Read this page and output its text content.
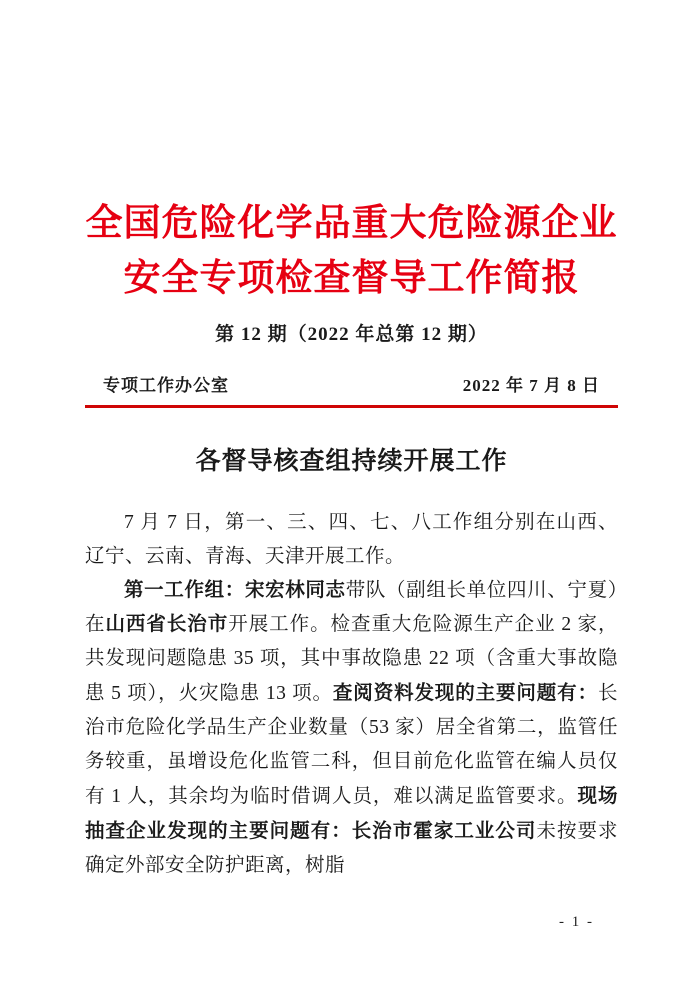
全国危险化学品重大危险源企业
安全专项检查督导工作简报
第 12 期（2022 年总第 12 期）
专项工作办公室	2022 年 7 月 8 日
各督导核查组持续开展工作

7 月 7 日，第一、三、四、七、八工作组分别在山西、辽宁、云南、青海、天津开展工作。

第一工作组：宋宏林同志带队（副组长单位四川、宁夏）在山西省长治市开展工作。检查重大危险源生产企业 2 家，共发现问题隐患 35 项，其中事故隐患 22 项（含重大事故隐患 5 项），火灾隐患 13 项。查阅资料发现的主要问题有：长治市危险化学品生产企业数量（53 家）居全省第二，监管任务较重，虽增设危化监管二科，但目前危化监管在编人员仅有 1 人，其余均为临时借调人员，难以满足监管要求。现场抽查企业发现的主要问题有：长治市霍家工业公司未按要求确定外部安全防护距离，树脂

- 1 -
